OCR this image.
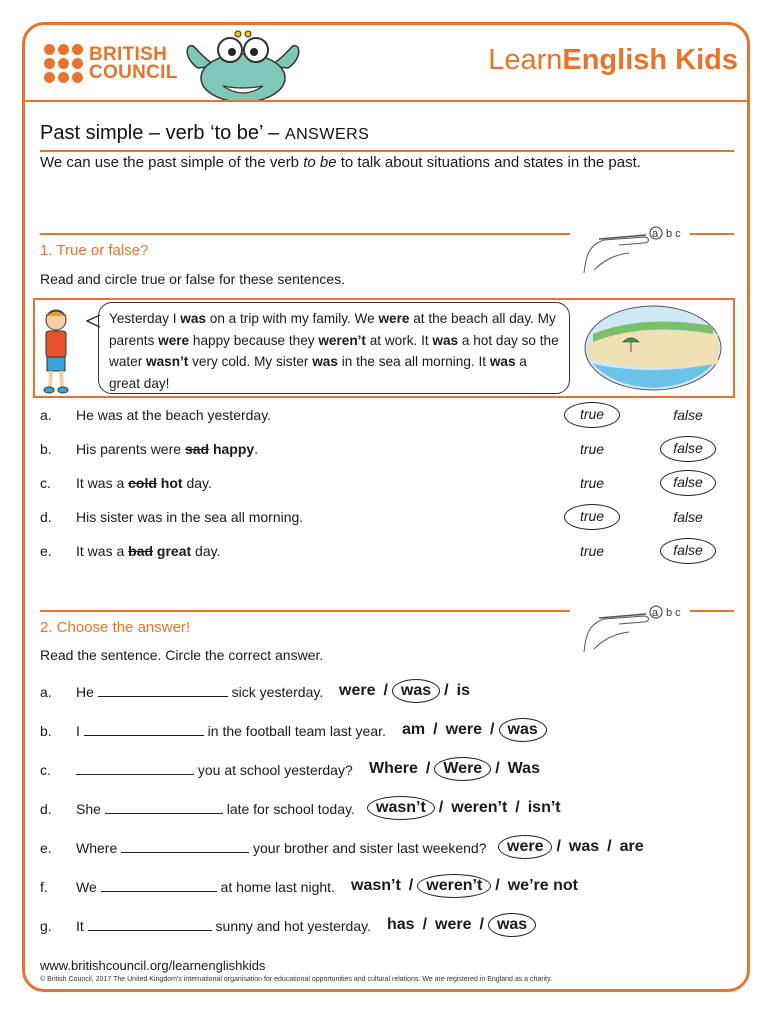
BRITISH
COUNCIL	LearnEnglish Kids
Past simple – verb ‘to be’ – ANSWERS
We can use the past simple of the verb to be to talk about situations and states in the past.
1. True or false?
Read and circle true or false for these sentences.
a b c
Yesterday I was on a trip with my family. We were at the beach all day. My parents were happy because they weren’t at work. It was a hot day so the water wasn’t very cold. My sister was in the sea all morning. It was a great day!
a. He was at the beach yesterday.	true	false
b. His parents were sad happy.	true	false
c. It was a cold hot day.	true	false
d. His sister was in the sea all morning.	true	false
e. It was a bad great day.	true	false
2. Choose the answer!
Read the sentence. Circle the correct answer.
a b c
a. He	sick yesterday. were / was / is
b. I	in the football team last year. am / were / was
c.	you at school yesterday? Where / Were / Was
d. She	late for school today.	wasn’t / weren’t / isn’t
e. Where	your brother and sister last weekend?	were / was / are
f. We	at home last night. wasn’t / weren’t / we’re not
g. It	sunny and hot yesterday. has / were / was
www.britishcouncil.org/learnenglishkids
© British Council, 2017 The United Kingdom’s international organisation for educational opportunities and cultural relations. We are registered in England as a charity.
